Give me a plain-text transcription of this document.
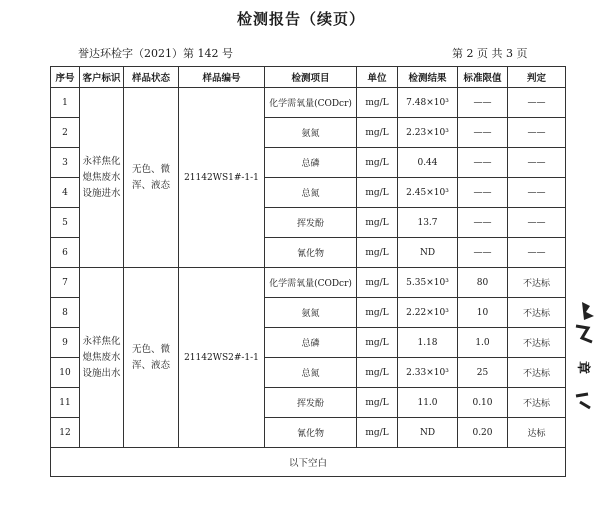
检测报告（续页）
誉达环检字（2021）第 142 号	第 2 页 共 3 页
序号	客户标识	样品状态	样品编号	检测项目	单位	检测结果	标准限值	判定
1	永祥焦化熄焦废水设施进水	无色、微浑、液态	21142WS1#-1-1	化学需氧量(CODcr)	mg/L	7.48×10³	——	——
2				氨氮	mg/L	2.23×10³	——	——
3				总磷	mg/L	0.44	——	——
4				总氮	mg/L	2.45×10³	——	——
5				挥发酚	mg/L	13.7	——	——
6				氰化物	mg/L	ND	——	——
7	永祥焦化熄焦废水设施出水	无色、微浑、液态	21142WS2#-1-1	化学需氧量(CODcr)	mg/L	5.35×10³	80	不达标
8				氨氮	mg/L	2.22×10³	10	不达标
9				总磷	mg/L	1.18	1.0	不达标
10				总氮	mg/L	2.33×10³	25	不达标
11				挥发酚	mg/L	11.0	0.10	不达标
12				氰化物	mg/L	ND	0.20	达标
以下空白								
章
